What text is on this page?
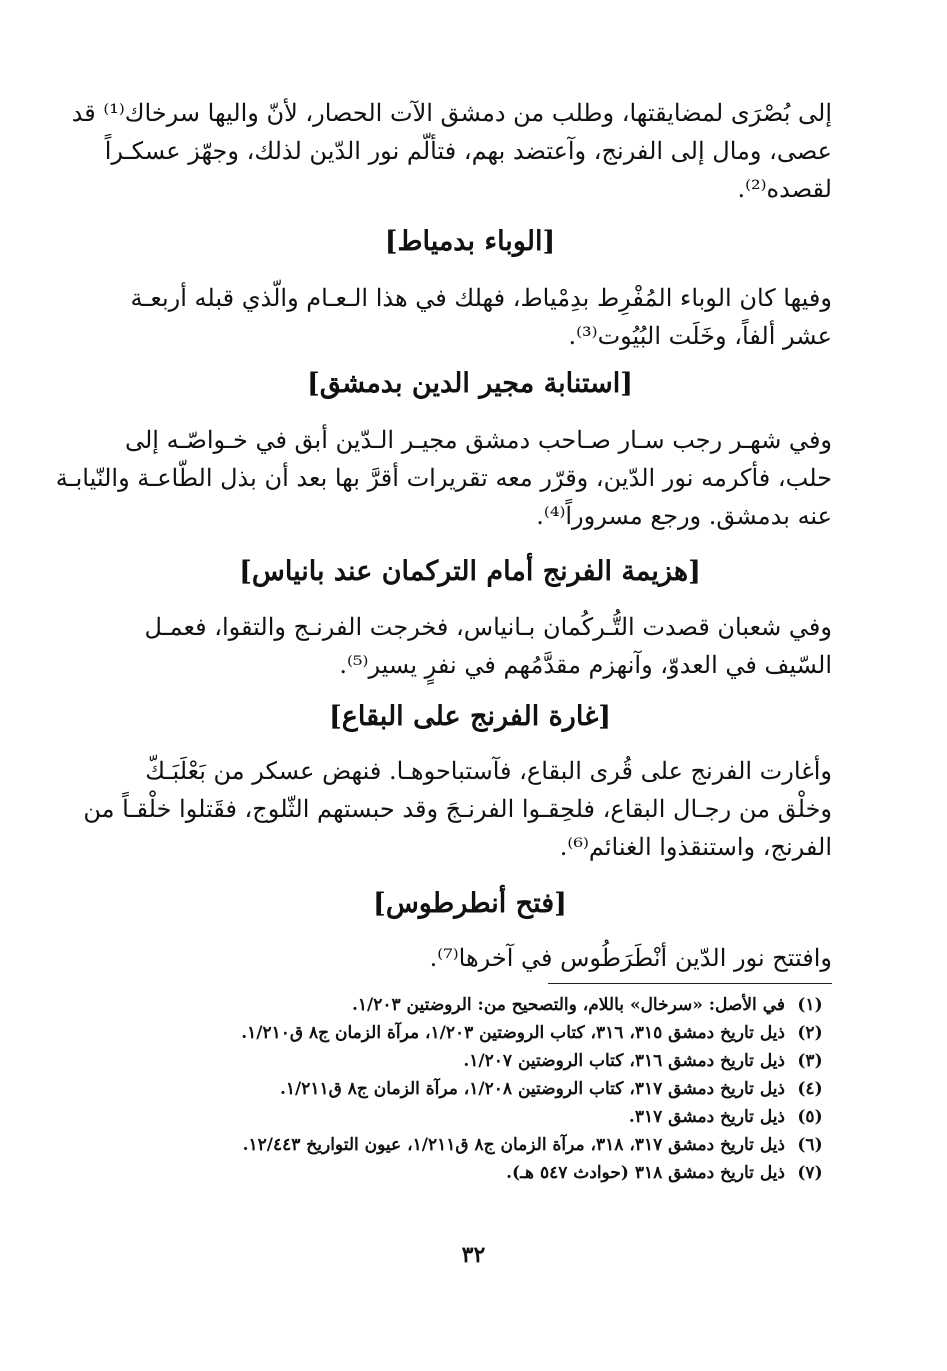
إلى بُصْرَى لمضايقتها، وطلب من دمشق الآت الحصار، لأنّ واليها سرخاك⁽¹⁾ قد
عصى، ومال إلى الفرنج، وآعتضد بهم، فتألّم نور الدّين لذلك، وجهّز عسكـراً
لقصده⁽²⁾.
[الوباء بدمياط]
وفيها كان الوباء المُفْرِط بدِمْياط، فهلك في هذا الـعـام والّذي قبله أربعـة
عشر ألفاً، وخَلَت البُيُوت⁽³⁾.
[استنابة مجير الدين بدمشق]
وفي شهـر رجب سـار صـاحب دمشق مجيـر الـدّين أبق في خـواصّـه إلى
حلب، فأكرمه نور الدّين، وقرّر معه تقريرات أقرَّ بها بعد أن بذل الطّاعـة والنّيابـة
عنه بدمشق. ورجع مسروراً⁽⁴⁾.
[هزيمة الفرنج أمام التركمان عند بانياس]
وفي شعبان قصدت التُّـركُمان بـانياس، فخرجت الفرنـج والتقوا، فعمـل
السّيف في العدوّ، وآنهزم مقدَّمُهم في نفرٍ يسير⁽⁵⁾.
[غارة الفرنج على البقاع]
وأغارت الفرنج على قُرى البقاع، فآستباحوهـا. فنهض عسكر من بَعْلَبَـكّ
وخلْق من رجـال البقاع، فلحِقـوا الفرنـجَ وقد حبستهم الثّلوج، فقَتلوا خلْقـاً من
الفرنج، واستنقذوا الغنائم⁽⁶⁾.
[فتح أنطرطوس]
وافتتح نور الدّين أنْطَرَطُوس في آخرها⁽⁷⁾.
(١)
في الأصل: «سرخال» باللام، والتصحيح من: الروضتين ١/٢٠٣.
(٢)
ذيل تاريخ دمشق ٣١٥، ٣١٦، كتاب الروضتين ١/٢٠٣، مرآة الزمان ج٨ ق١/٢١٠.
(٣)
ذيل تاريخ دمشق ٣١٦، كتاب الروضتين ١/٢٠٧.
(٤)
ذيل تاريخ دمشق ٣١٧، كتاب الروضتين ١/٢٠٨، مرآة الزمان ج٨ ق١/٢١١.
(٥)
ذيل تاريخ دمشق ٣١٧.
(٦)
ذيل تاريخ دمشق ٣١٧، ٣١٨، مرآة الزمان ج٨ ق١/٢١١، عيون التواريخ ١٢/٤٤٣.
(٧)
ذيل تاريخ دمشق ٣١٨ (حوادث ٥٤٧ هـ).
٣٢
